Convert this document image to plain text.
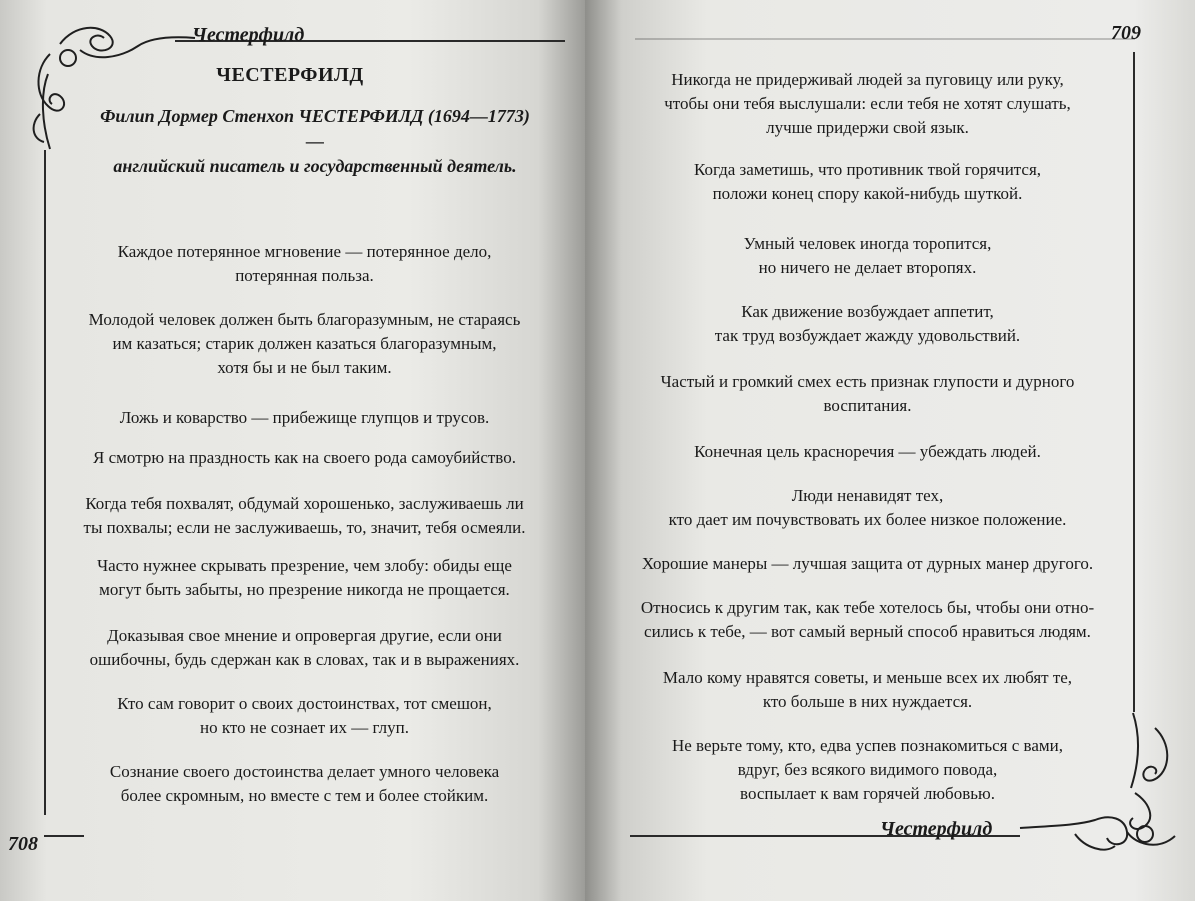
Честерфилд
ЧЕСТЕРФИЛД
Филип Дормер Стенхоп ЧЕСТЕРФИЛД (1694—1773) —
английский писатель и государственный деятель.

Каждое потерянное мгновение — потерянное дело,
потерянная польза.

Молодой человек должен быть благоразумным, не стараясь
им казаться; старик должен казаться благоразумным,
хотя бы и не был таким.

Ложь и коварство — прибежище глупцов и трусов.

Я смотрю на праздность как на своего рода самоубийство.

Когда тебя похвалят, обдумай хорошенько, заслуживаешь ли
ты похвалы; если не заслуживаешь, то, значит, тебя осмеяли.

Часто нужнее скрывать презрение, чем злобу: обиды еще
могут быть забыты, но презрение никогда не прощается.

Доказывая свое мнение и опровергая другие, если они
ошибочны, будь сдержан как в словах, так и в выражениях.

Кто сам говорит о своих достоинствах, тот смешон,
но кто не сознает их — глуп.

Сознание своего достоинства делает умного человека
более скромным, но вместе с тем и более стойким.

708
709

Никогда не придерживай людей за пуговицу или руку,
чтобы они тебя выслушали: если тебя не хотят слушать,
лучше придержи свой язык.

Когда заметишь, что противник твой горячится,
положи конец спору какой-нибудь шуткой.

Умный человек иногда торопится,
но ничего не делает второпях.

Как движение возбуждает аппетит,
так труд возбуждает жажду удовольствий.

Частый и громкий смех есть признак глупости и дурного
воспитания.

Конечная цель красноречия — убеждать людей.

Люди ненавидят тех,
кто дает им почувствовать их более низкое положение.

Хорошие манеры — лучшая защита от дурных манер другого.

Относись к другим так, как тебе хотелось бы, чтобы они отно-
сились к тебе, — вот самый верный способ нравиться людям.

Мало кому нравятся советы, и меньше всех их любят те,
кто больше в них нуждается.

Не верьте тому, кто, едва успев познакомиться с вами,
вдруг, без всякого видимого повода,
воспылает к вам горячей любовью.

Честерфилд
